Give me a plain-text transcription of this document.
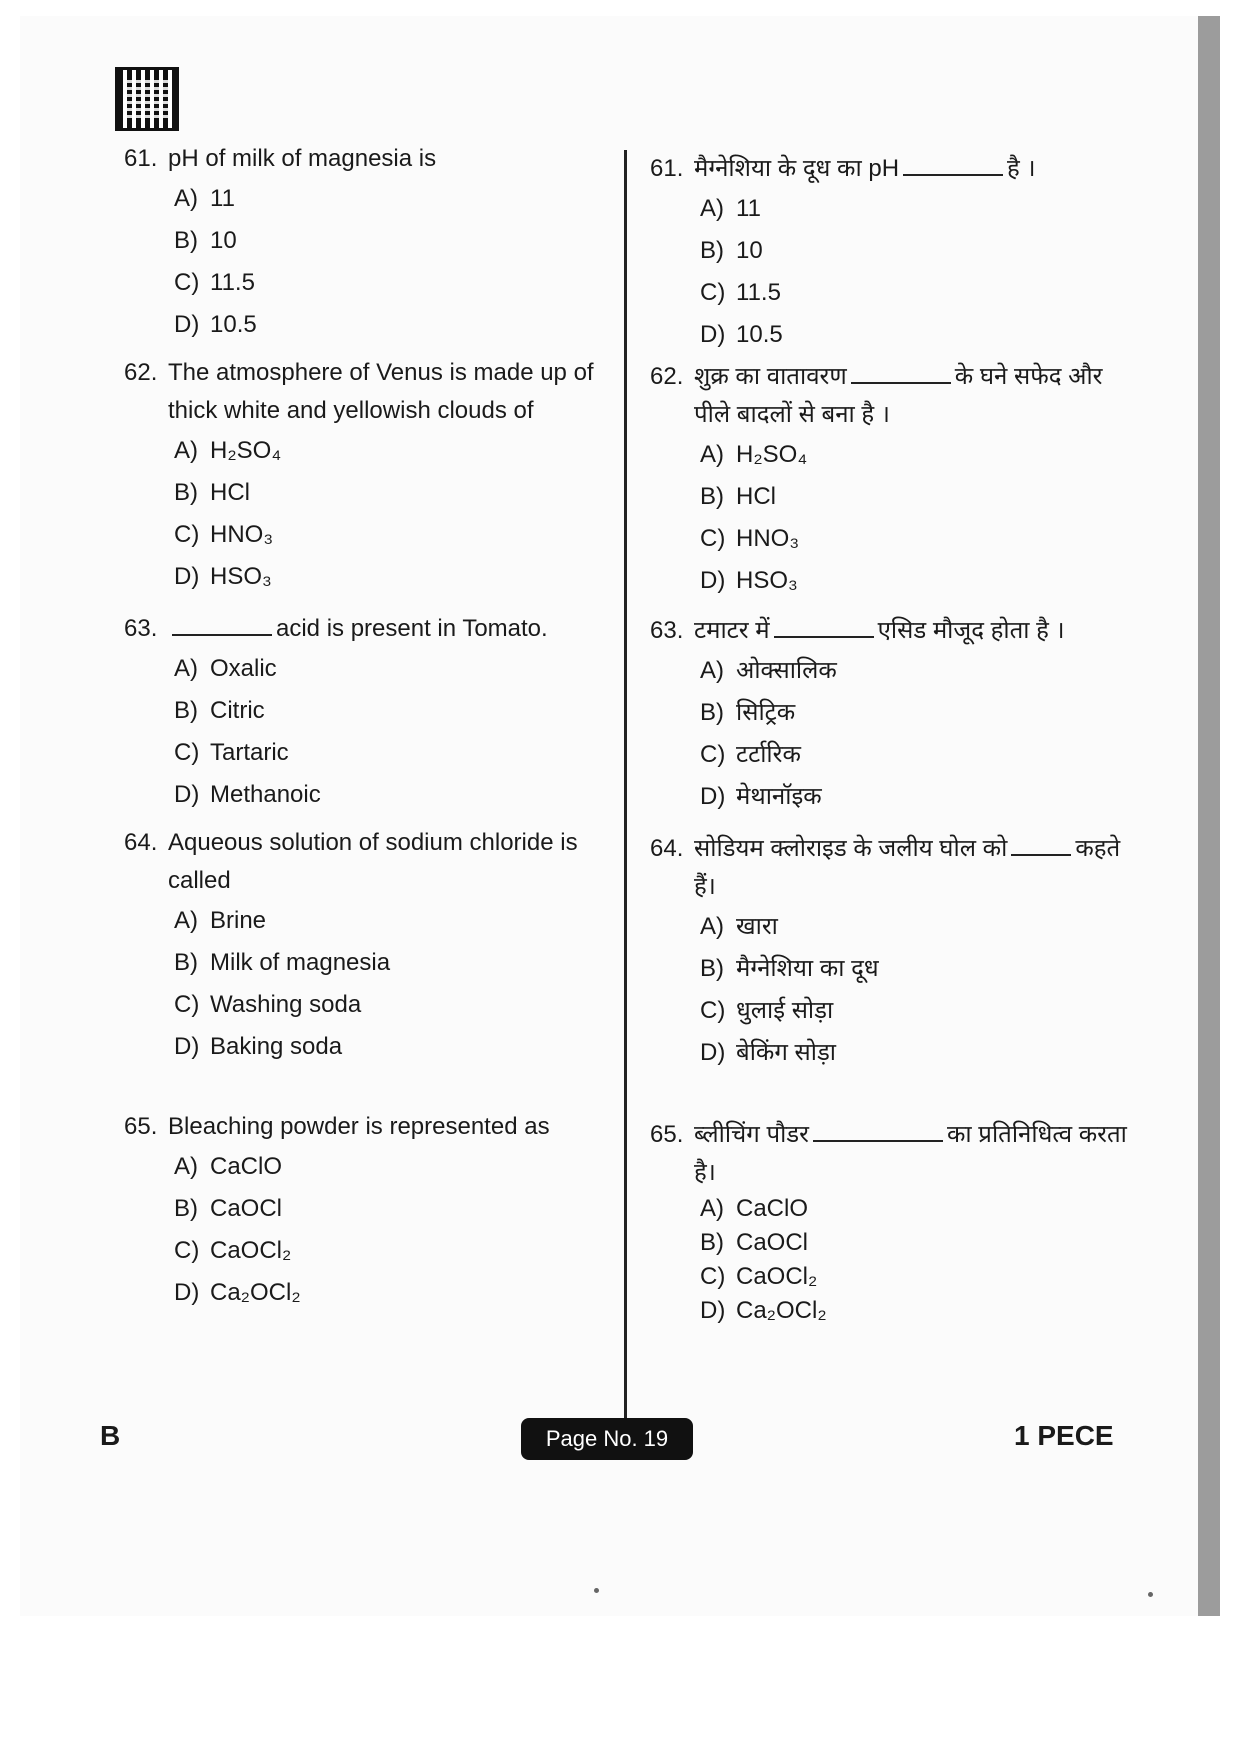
61. pH of milk of magnesia is
A) 11
B) 10
C) 11.5
D) 10.5
62. The atmosphere of Venus is made up of thick white and yellowish clouds of
A) H₂SO₄
B) HCl
C) HNO₃
D) HSO₃
63.	acid is present in Tomato.
A) Oxalic
B) Citric
C) Tartaric
D) Methanoic
64. Aqueous solution of sodium chloride is called
A) Brine
B) Milk of magnesia
C) Washing soda
D) Baking soda
65. Bleaching powder is represented as
A) CaClO
B) CaOCl
C) CaOCl₂
D) Ca₂OCl₂
61. मैग्नेशिया के दूध का pH	है ।
A) 11
B) 10
C) 11.5
D) 10.5
62. शुक्र का वातावरण	के घने सफेद और पीले बादलों से बना है ।
A) H₂SO₄
B) HCl
C) HNO₃
D) HSO₃
63. टमाटर में	एसिड मौजूद होता है ।
A) ओक्सालिक
B) सिट्रिक
C) टर्टारिक
D) मेथानॉइक
64. सोडियम क्लोराइड के जलीय घोल को	कहते हैं।
A) खारा
B) मैग्नेशिया का दूध
C) धुलाई सोड़ा
D) बेकिंग सोड़ा
65. ब्लीचिंग पौडर	का प्रतिनिधित्व करता है।
A) CaClO
B) CaOCl
C) CaOCl₂
D) Ca₂OCl₂
B	Page No. 19	1 PECE
